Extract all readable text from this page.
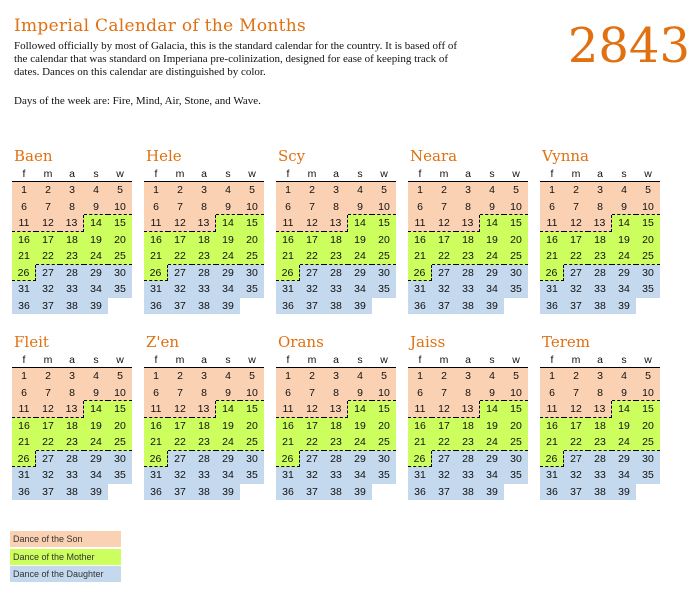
Imperial Calendar of the Months
Followed officially by most of Galacia, this is the standard calendar for the country. It is based off of the calendar that was standard on Imperiana pre-colinization, designed for ease of keeping track of dates. Dances on this calendar are distinguished by color.
Days of the week are: Fire, Mind, Air, Stone, and Wave.
2843
Baen
f	m	a	s	w
1	2	3	4	5
6	7	8	9	10
11	12	13	14	15
16	17	18	19	20
21	22	23	24	25
26	27	28	29	30
31	32	33	34	35
36	37	38	39
Hele
f	m	a	s	w
1	2	3	4	5
6	7	8	9	10
11	12	13	14	15
16	17	18	19	20
21	22	23	24	25
26	27	28	29	30
31	32	33	34	35
36	37	38	39
Scy
f	m	a	s	w
1	2	3	4	5
6	7	8	9	10
11	12	13	14	15
16	17	18	19	20
21	22	23	24	25
26	27	28	29	30
31	32	33	34	35
36	37	38	39
Neara
f	m	a	s	w
1	2	3	4	5
6	7	8	9	10
11	12	13	14	15
16	17	18	19	20
21	22	23	24	25
26	27	28	29	30
31	32	33	34	35
36	37	38	39
Vynna
f	m	a	s	w
1	2	3	4	5
6	7	8	9	10
11	12	13	14	15
16	17	18	19	20
21	22	23	24	25
26	27	28	29	30
31	32	33	34	35
36	37	38	39
Fleit
f	m	a	s	w
1	2	3	4	5
6	7	8	9	10
11	12	13	14	15
16	17	18	19	20
21	22	23	24	25
26	27	28	29	30
31	32	33	34	35
36	37	38	39
Z'en
f	m	a	s	w
1	2	3	4	5
6	7	8	9	10
11	12	13	14	15
16	17	18	19	20
21	22	23	24	25
26	27	28	29	30
31	32	33	34	35
36	37	38	39
Orans
f	m	a	s	w
1	2	3	4	5
6	7	8	9	10
11	12	13	14	15
16	17	18	19	20
21	22	23	24	25
26	27	28	29	30
31	32	33	34	35
36	37	38	39
Jaiss
f	m	a	s	w
1	2	3	4	5
6	7	8	9	10
11	12	13	14	15
16	17	18	19	20
21	22	23	24	25
26	27	28	29	30
31	32	33	34	35
36	37	38	39
Terem
f	m	a	s	w
1	2	3	4	5
6	7	8	9	10
11	12	13	14	15
16	17	18	19	20
21	22	23	24	25
26	27	28	29	30
31	32	33	34	35
36	37	38	39
Dance of the Son
Dance of the Mother
Dance of the Daughter
